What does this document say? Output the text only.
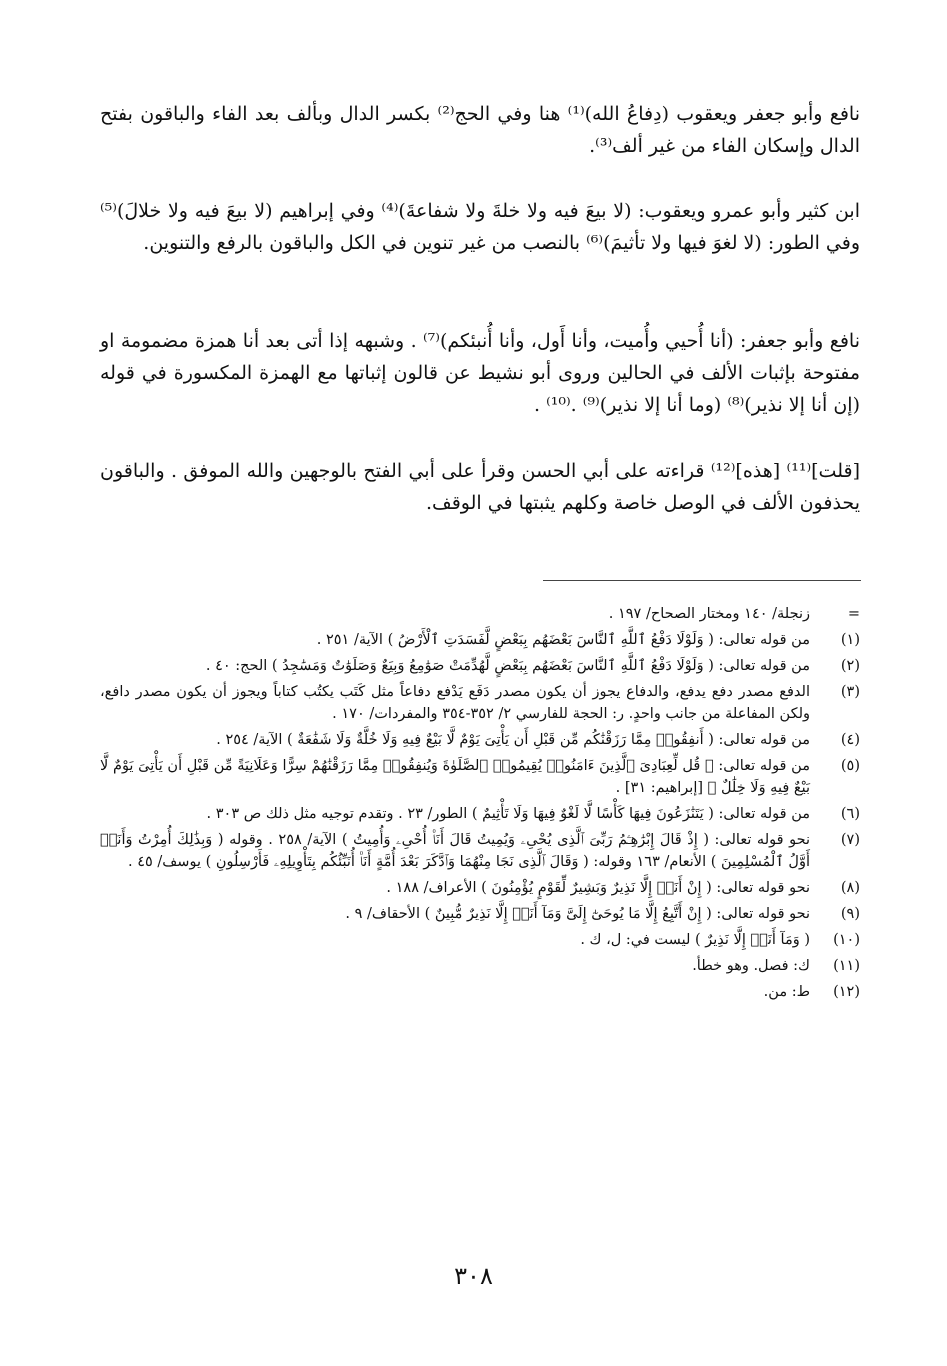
نافع وأبو جعفر ويعقوب (دِفاعُ الله)⁽¹⁾ هنا وفي الحج⁽²⁾ بكسر الدال وبألف بعد الفاء والباقون بفتح الدال وإسكان الفاء من غير ألف⁽³⁾.

ابن كثير وأبو عمرو ويعقوب: (لا بيعَ فيه ولا خلةَ ولا شفاعةَ)⁽⁴⁾ وفي إبراهيم (لا بيعَ فيه ولا خلالَ)⁽⁵⁾ وفي الطور: (لا لغوَ فيها ولا تأثيمَ)⁽⁶⁾ بالنصب من غير تنوين في الكل والباقون بالرفع والتنوين.

نافع وأبو جعفر: (أنا أُحيي وأُميت، وأنا أَول، وأنا أُنبئكم)⁽⁷⁾ . وشبهه إذا أتى بعد أنا همزة مضمومة او مفتوحة بإثبات الألف في الحالين وروى أبو نشيط عن قالون إثباتها مع الهمزة المكسورة في قوله (إن أنا إلا نذير)⁽⁸⁾ (وما أنا إلا نذير)⁽⁹⁾ .⁽¹⁰⁾ .

[قلت]⁽¹¹⁾ [هذه]⁽¹²⁾ قراءته على أبي الحسن وقرأ على أبي الفتح بالوجهين والله الموفق . والباقون يحذفون الألف في الوصل خاصة وكلهم يثبتها في الوقف.

=
زنجلة/ ١٤٠ ومختار الصحاح/ ١٩٧ .
(١)
من قوله تعالى: ( وَلَوْلَا دَفْعُ ٱللَّهِ ٱلنَّاسَ بَعْضَهُم بِبَعْضٍ لَّفَسَدَتِ ٱلْأَرْضُ ) الآية/ ٢٥١ .
(٢)
من قوله تعالى: ( وَلَوْلَا دَفْعُ ٱللَّهِ ٱلنَّاسَ بَعْضَهُم بِبَعْضٍ لَّهُدِّمَتْ صَوَٰمِعُ وَبِيَعٌ وَصَلَوَٰتٌ وَمَسَٰجِدُ ) الحج: ٤٠ .
(٣)
الدفع مصدر دفع يدفع، والدفاع يجوز أن يكون مصدر دَفَع يَدْفع دفاعاً مثل كَتَب يكتُب كتاباً ويجوز أن يكون مصدر دافع، ولكن المفاعلة من جانب واحدٍ. ر: الحجة للفارسي ٢/ ٣٥٢-٣٥٤ والمفردات/ ١٧٠ .
(٤)
من قوله تعالى: ( أَنفِقُوا۟ مِمَّا رَزَقْنَٰكُم مِّن قَبْلِ أَن يَأْتِىَ يَوْمٌ لَّا بَيْعٌ فِيهِ وَلَا خُلَّةٌ وَلَا شَفَٰعَةٌ ) الآية/ ٢٥٤ .
(٥)
من قوله تعالى: ﴿ قُل لِّعِبَادِىَ ٱلَّذِينَ ءَامَنُوا۟ يُقِيمُوا۟ ٱلصَّلَوٰةَ وَيُنفِقُوا۟ مِمَّا رَزَقْنَٰهُمْ سِرًّا وَعَلَانِيَةً مِّن قَبْلِ أَن يَأْتِىَ يَوْمٌ لَّا بَيْعٌ فِيهِ وَلَا خِلَٰلٌ ﴾ [إبراهيم: ٣١] .
(٦)
من قوله تعالى: ( يَتَنَٰزَعُونَ فِيهَا كَأْسًا لَّا لَغْوٌ فِيهَا وَلَا تَأْثِيمٌ ) الطور/ ٢٣ . وتقدم توجيه مثل ذلك ص ٣٠٣ .
(٧)
نحو قوله تعالى: ( إِذْ قَالَ إِبْرَٰهِـۧمُ رَبِّىَ ٱلَّذِى يُحْىِۦ وَيُمِيتُ قَالَ أَنَا۠ أُحْىِۦ وَأُمِيتُ ) الآية/ ٢٥٨ . وقوله ( وَبِذَٰلِكَ أُمِرْتُ وَأَنَا۠ أَوَّلُ ٱلْمُسْلِمِينَ ) الأنعام/ ١٦٣ وقوله: ( وَقَالَ ٱلَّذِى نَجَا مِنْهُمَا وَٱدَّكَرَ بَعْدَ أُمَّةٍ أَنَا۠ أُنَبِّئُكُم بِتَأْوِيلِهِۦ فَأَرْسِلُونِ ) يوسف/ ٤٥ .
(٨)
نحو قوله تعالى: ( إِنْ أَنَا۠ إِلَّا نَذِيرٌ وَبَشِيرٌ لِّقَوْمٍ يُؤْمِنُونَ ) الأعراف/ ١٨٨ .
(٩)
نحو قوله تعالى: ( إِنْ أَتَّبِعُ إِلَّا مَا يُوحَىٰٓ إِلَىَّ وَمَآ أَنَا۠ إِلَّا نَذِيرٌ مُّبِينٌ ) الأحقاف/ ٩ .
(١٠)
( وَمَآ أَنَا۠ إِلَّا نَذِيرٌ ) ليست في: ل، ك .
(١١)
ك: فصل. وهو خطأ.
(١٢)
ط: من.
٣٠٨
